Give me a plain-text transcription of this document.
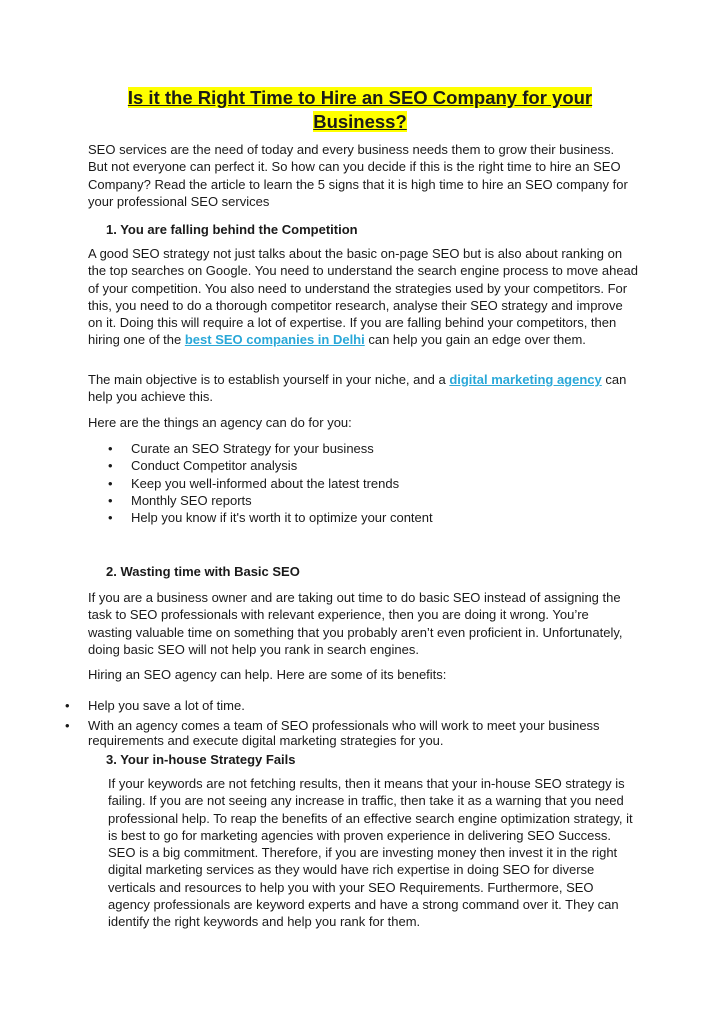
Is it the Right Time to Hire an SEO Company for your Business?

SEO services are the need of today and every business needs them to grow their business. But not everyone can perfect it. So how can you decide if this is the right time to hire an SEO Company? Read the article to learn the 5 signs that it is high time to hire an SEO company for your professional SEO services

1. You are falling behind the Competition

A good SEO strategy not just talks about the basic on-page SEO but is also about ranking on the top searches on Google. You need to understand the search engine process to move ahead of your competition. You also need to understand the strategies used by your competitors. For this, you need to do a thorough competitor research, analyse their SEO strategy and improve on it. Doing this will require a lot of expertise. If you are falling behind your competitors, then hiring one of the best SEO companies in Delhi can help you gain an edge over them.

The main objective is to establish yourself in your niche, and a digital marketing agency can help you achieve this.

Here are the things an agency can do for you:

• Curate an SEO Strategy for your business
• Conduct Competitor analysis
• Keep you well-informed about the latest trends
• Monthly SEO reports
• Help you know if it's worth it to optimize your content

2. Wasting time with Basic SEO

If you are a business owner and are taking out time to do basic SEO instead of assigning the task to SEO professionals with relevant experience, then you are doing it wrong. You’re wasting valuable time on something that you probably aren’t even proficient in. Unfortunately, doing basic SEO will not help you rank in search engines.

Hiring an SEO agency can help. Here are some of its benefits:

• Help you save a lot of time.
• With an agency comes a team of SEO professionals who will work to meet your business requirements and execute digital marketing strategies for you.

3. Your in-house Strategy Fails

If your keywords are not fetching results, then it means that your in-house SEO strategy is failing. If you are not seeing any increase in traffic, then take it as a warning that you need professional help. To reap the benefits of an effective search engine optimization strategy, it is best to go for marketing agencies with proven experience in delivering SEO Success. SEO is a big commitment. Therefore, if you are investing money then invest it in the right digital marketing services as they would have rich expertise in doing SEO for diverse verticals and resources to help you with your SEO Requirements. Furthermore, SEO agency professionals are keyword experts and have a strong command over it. They can identify the right keywords and help you rank for them.
